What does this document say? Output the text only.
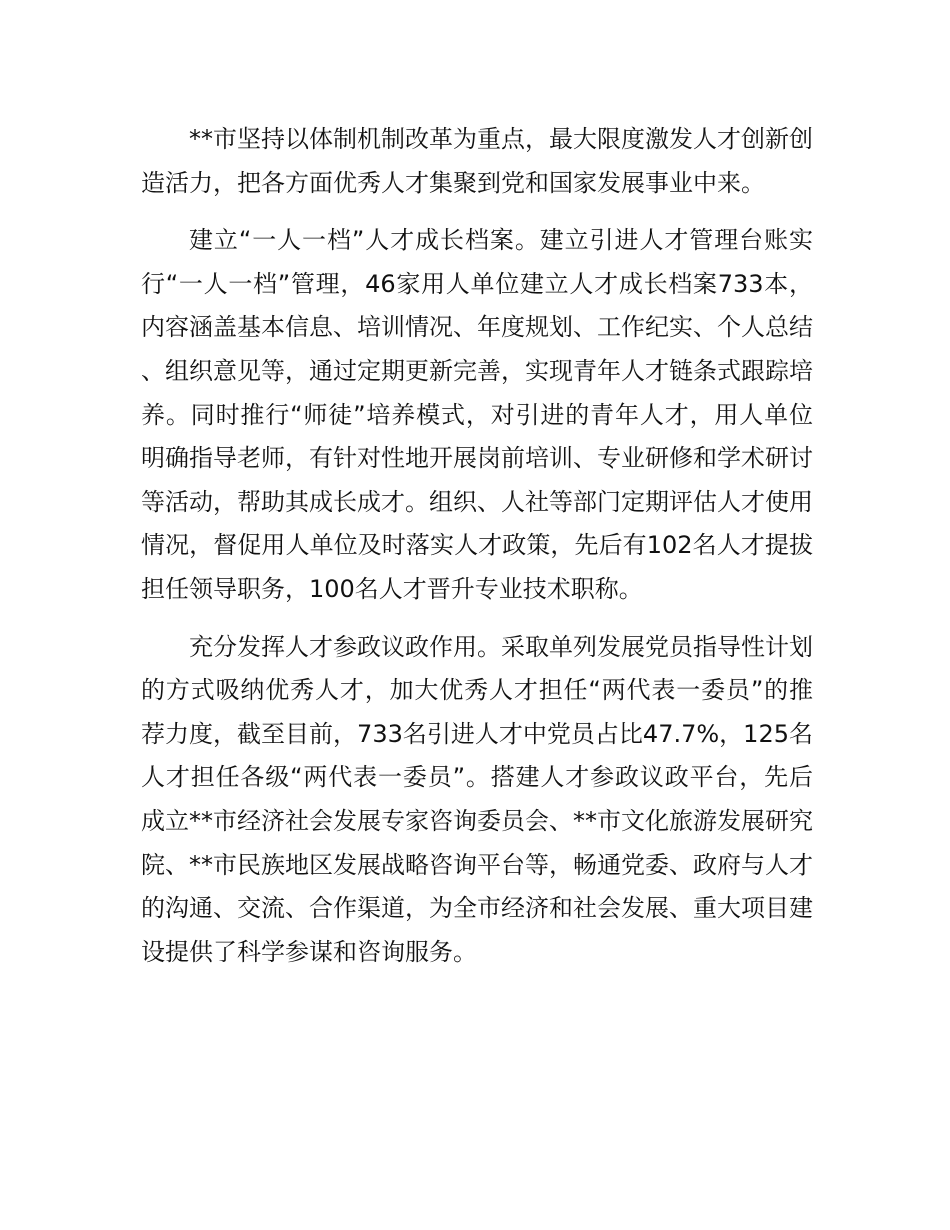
**市坚持以体制机制改革为重点，最大限度激发人才创新创造活力，把各方面优秀人才集聚到党和国家发展事业中来。

建立“一人一档”人才成长档案。建立引进人才管理台账实行“一人一档”管理，46家用人单位建立人才成长档案733本，内容涵盖基本信息、培训情况、年度规划、工作纪实、个人总结、组织意见等，通过定期更新完善，实现青年人才链条式跟踪培养。同时推行“师徒”培养模式，对引进的青年人才，用人单位明确指导老师，有针对性地开展岗前培训、专业研修和学术研讨等活动，帮助其成长成才。组织、人社等部门定期评估人才使用情况，督促用人单位及时落实人才政策，先后有102名人才提拔担任领导职务，100名人才晋升专业技术职称。

充分发挥人才参政议政作用。采取单列发展党员指导性计划的方式吸纳优秀人才，加大优秀人才担任“两代表一委员”的推荐力度，截至目前，733名引进人才中党员占比47.7%，125名人才担任各级“两代表一委员”。搭建人才参政议政平台，先后成立**市经济社会发展专家咨询委员会、**市文化旅游发展研究院、**市民族地区发展战略咨询平台等，畅通党委、政府与人才的沟通、交流、合作渠道，为全市经济和社会发展、重大项目建设提供了科学参谋和咨询服务。
